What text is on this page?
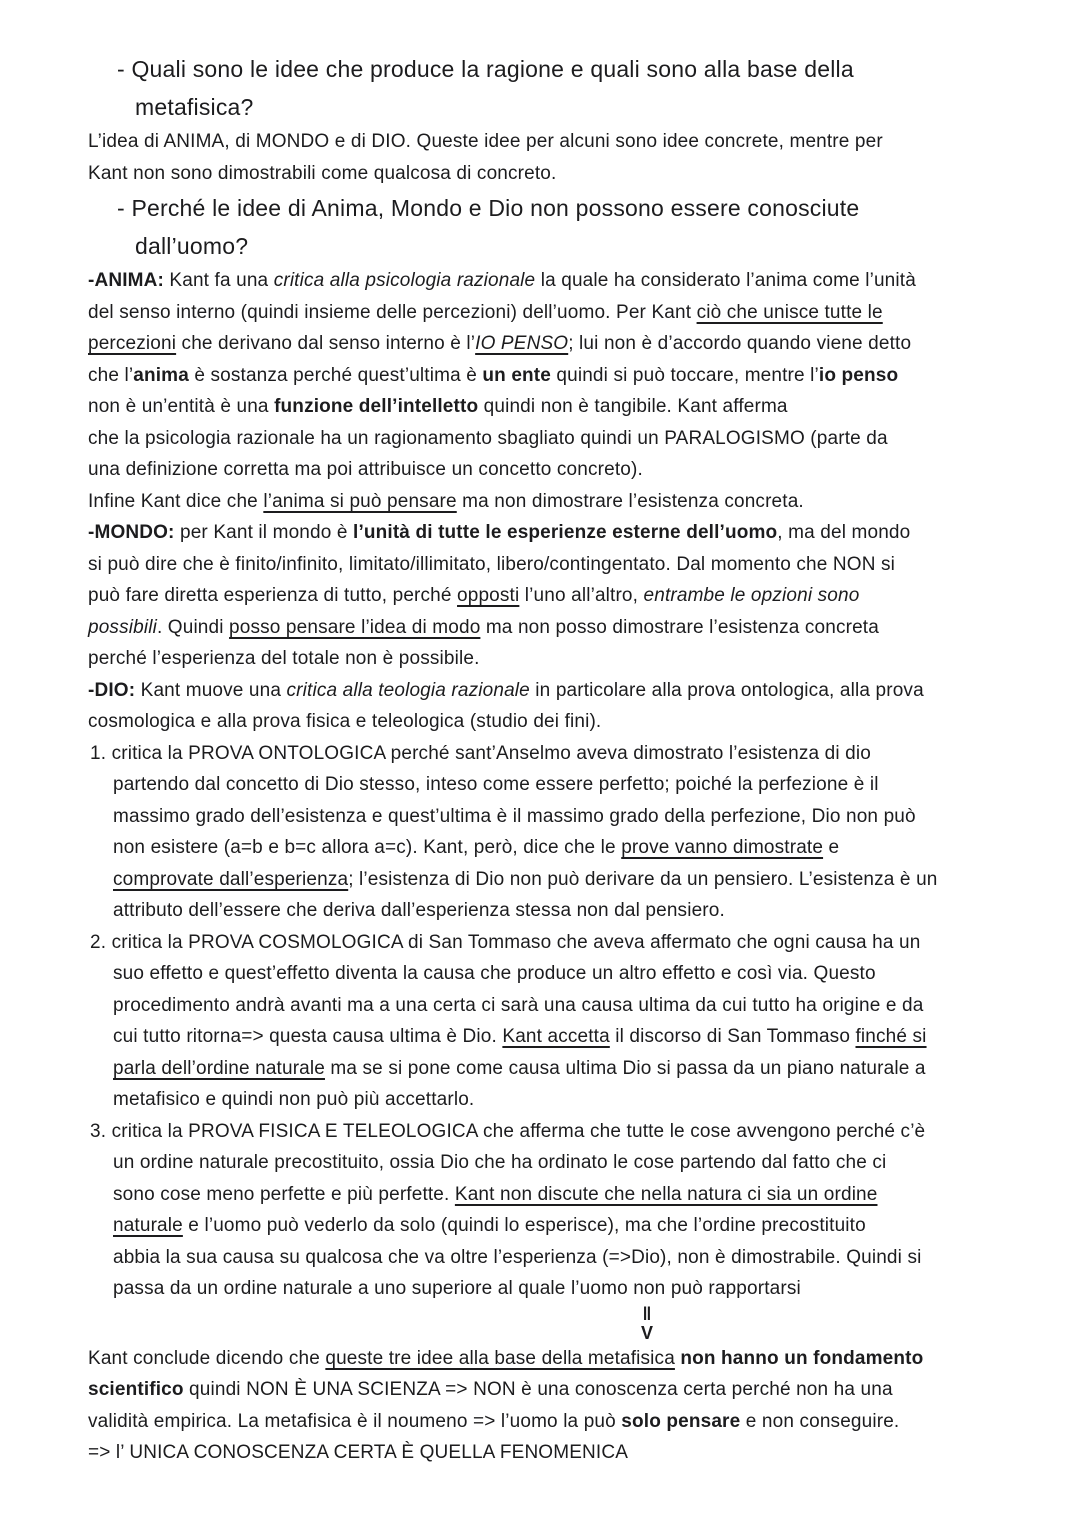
- Quali sono le idee che produce la ragione e quali sono alla base della
metafisica?
L’idea di ANIMA, di MONDO e di DIO. Queste idee per alcuni sono idee concrete, mentre per
Kant non sono dimostrabili come qualcosa di concreto.
- Perché le idee di Anima, Mondo e Dio non possono essere conosciute
dall’uomo?
-ANIMA: Kant fa una critica alla psicologia razionale la quale ha considerato l’anima come l’unità
del senso interno (quindi insieme delle percezioni) dell’uomo. Per Kant ciò che unisce tutte le
percezioni che derivano dal senso interno è l’IO PENSO; lui non è d’accordo quando viene detto
che l’anima è sostanza perché quest’ultima è un ente quindi si può toccare, mentre l’io penso
non è un’entità è una funzione dell’intelletto quindi non è tangibile. Kant afferma
che la psicologia razionale ha un ragionamento sbagliato quindi un PARALOGISMO (parte da
una definizione corretta ma poi attribuisce un concetto concreto).
Infine Kant dice che l’anima si può pensare ma non dimostrare l’esistenza concreta.
-MONDO: per Kant il mondo è l’unità di tutte le esperienze esterne dell’uomo, ma del mondo
si può dire che è finito/infinito, limitato/illimitato, libero/contingentato. Dal momento che NON si
può fare diretta esperienza di tutto, perché opposti l’uno all’altro, entrambe le opzioni sono
possibili. Quindi posso pensare l’idea di modo ma non posso dimostrare l’esistenza concreta
perché l’esperienza del totale non è possibile.
-DIO: Kant muove una critica alla teologia razionale in particolare alla prova ontologica, alla prova
cosmologica e alla prova fisica e teleologica (studio dei fini).
1. critica la PROVA ONTOLOGICA perché sant’Anselmo aveva dimostrato l’esistenza di dio
partendo dal concetto di Dio stesso, inteso come essere perfetto; poiché la perfezione è il
massimo grado dell’esistenza e quest’ultima è il massimo grado della perfezione, Dio non può
non esistere (a=b e b=c allora a=c). Kant, però, dice che le prove vanno dimostrate e
comprovate dall’esperienza; l’esistenza di Dio non può derivare da un pensiero. L’esistenza è un
attributo dell’essere che deriva dall’esperienza stessa non dal pensiero.
2. critica la PROVA COSMOLOGICA di San Tommaso che aveva affermato che ogni causa ha un
suo effetto e quest’effetto diventa la causa che produce un altro effetto e così via. Questo
procedimento andrà avanti ma a una certa ci sarà una causa ultima da cui tutto ha origine e da
cui tutto ritorna=> questa causa ultima è Dio. Kant accetta il discorso di San Tommaso finché si
parla dell’ordine naturale ma se si pone come causa ultima Dio si passa da un piano naturale a
metafisico e quindi non può più accettarlo.
3. critica la PROVA FISICA E TELEOLOGICA che afferma che tutte le cose avvengono perché c’è
un ordine naturale precostituito, ossia Dio che ha ordinato le cose partendo dal fatto che ci
sono cose meno perfette e più perfette. Kant non discute che nella natura ci sia un ordine
naturale e l’uomo può vederlo da solo (quindi lo esperisce), ma che l’ordine precostituito
abbia la sua causa su qualcosa che va oltre l’esperienza (=>Dio), non è dimostrabile. Quindi si
passa da un ordine naturale a uno superiore al quale l’uomo non può rapportarsi
‖
V
Kant conclude dicendo che queste tre idee alla base della metafisica non hanno un fondamento
scientifico quindi NON È UNA SCIENZA => NON è una conoscenza certa perché non ha una
validità empirica. La metafisica è il noumeno => l’uomo la può solo pensare e non conseguire.
=> l’ UNICA CONOSCENZA CERTA È QUELLA FENOMENICA
